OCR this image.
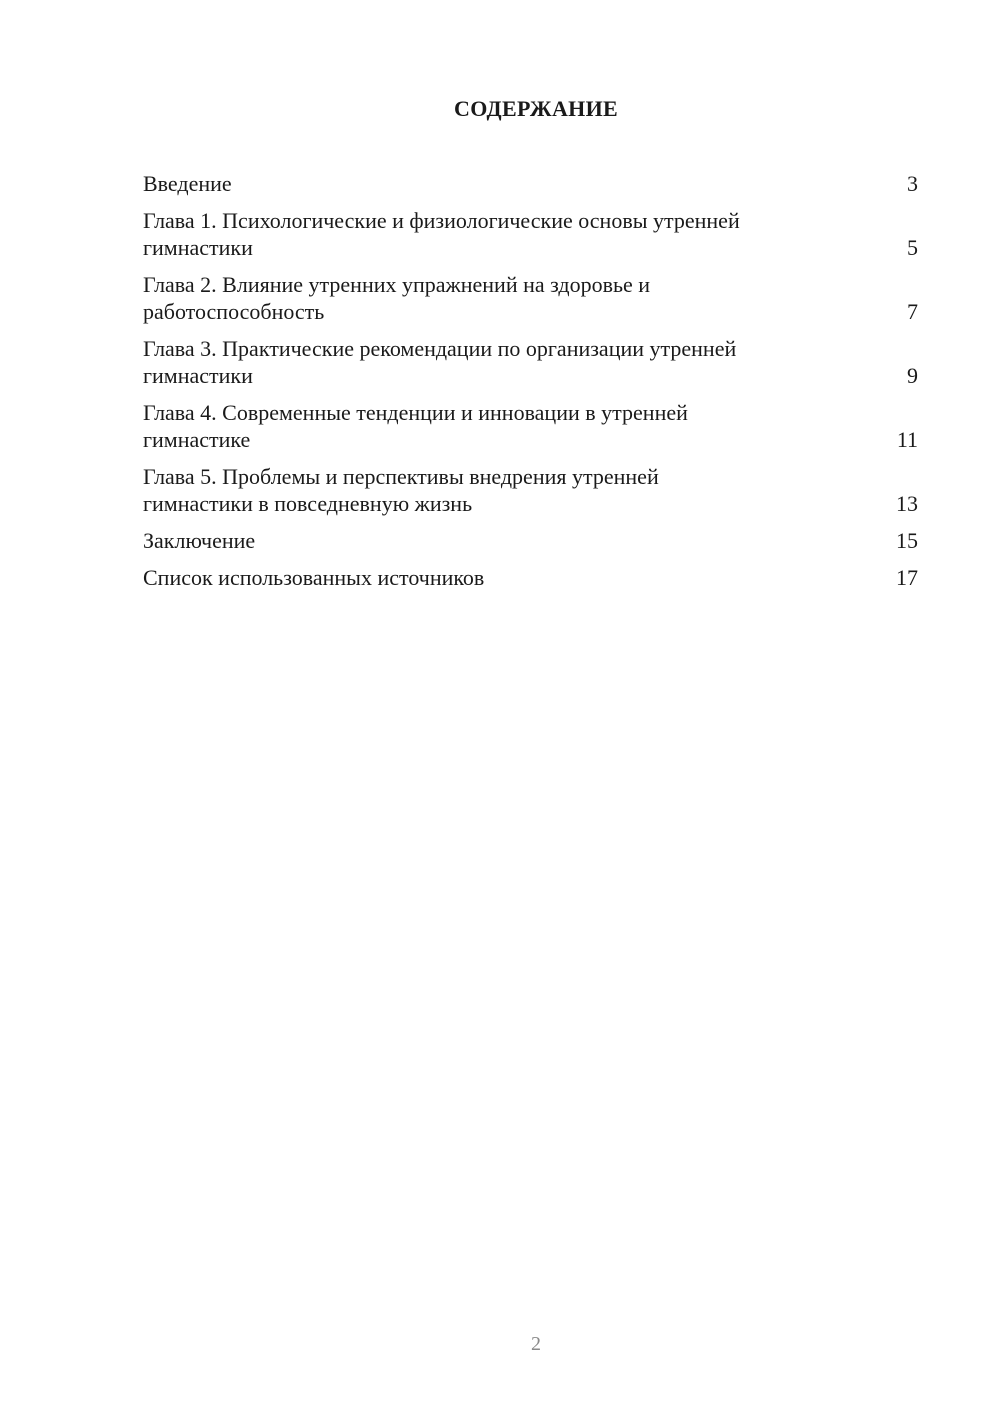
СОДЕРЖАНИЕ
Введение	3
Глава 1. Психологические и физиологические основы утренней
гимнастики	5
Глава 2. Влияние утренних упражнений на здоровье и
работоспособность	7
Глава 3. Практические рекомендации по организации утренней
гимнастики	9
Глава 4. Современные тенденции и инновации в утренней
гимнастике	11
Глава 5. Проблемы и перспективы внедрения утренней
гимнастики в повседневную жизнь	13
Заключение	15
Список использованных источников	17
2
